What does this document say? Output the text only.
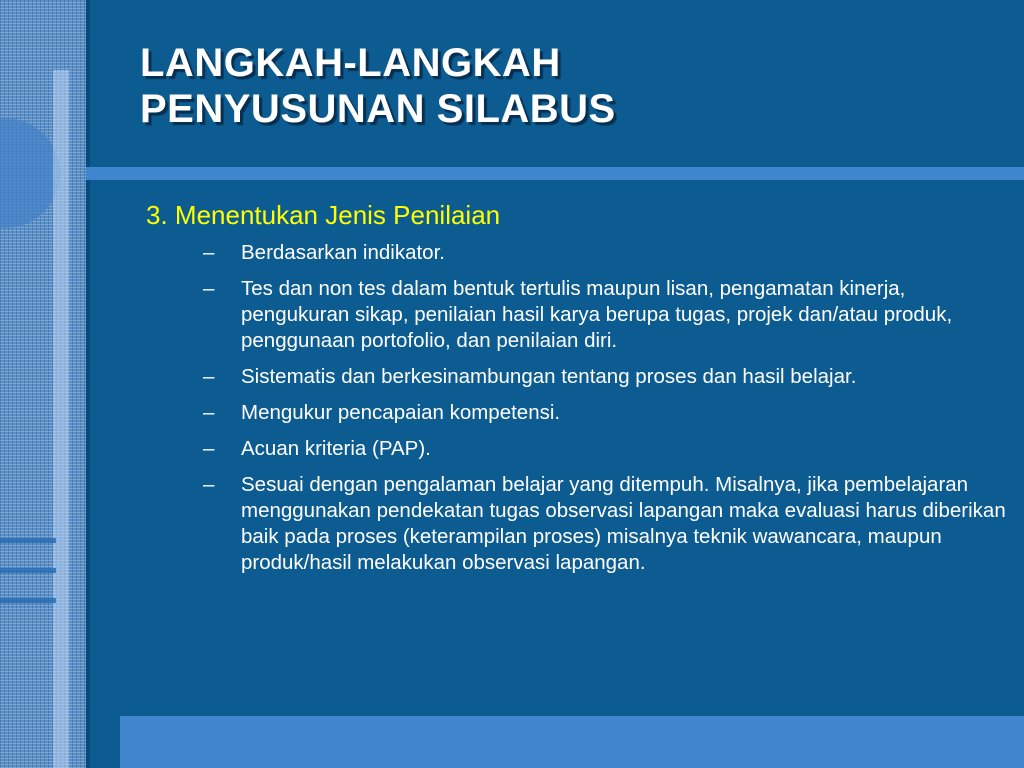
LANGKAH-LANGKAH
PENYUSUNAN SILABUS

3. Menentukan Jenis Penilaian

– Berdasarkan indikator.
– Tes dan non tes dalam bentuk tertulis maupun lisan, pengamatan kinerja, pengukuran sikap, penilaian hasil karya berupa tugas, projek dan/atau produk, penggunaan portofolio, dan penilaian diri.
– Sistematis dan berkesinambungan tentang proses dan hasil belajar.
– Mengukur pencapaian kompetensi.
– Acuan kriteria (PAP).
– Sesuai dengan pengalaman belajar yang ditempuh. Misalnya, jika pembelajaran menggunakan pendekatan tugas observasi lapangan maka evaluasi harus diberikan baik pada proses (keterampilan proses) misalnya teknik wawancara, maupun produk/hasil melakukan observasi lapangan.
